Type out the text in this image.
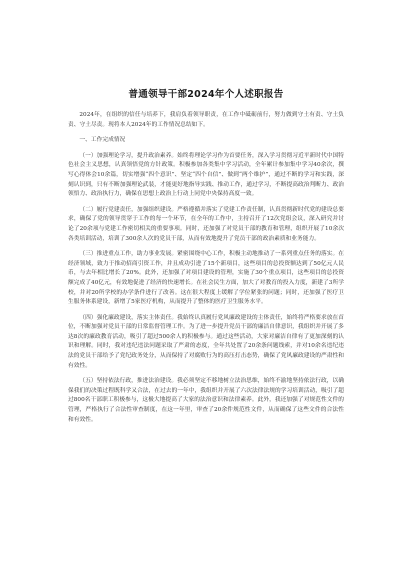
普通领导干部2024年个人述职报告

2024年，在组织的信任与培养下，我肩负着领导职责，在工作中砥砺前行，努力做到守土有责、守土负责、守土尽责。现将本人2024年的工作情况总结如下。

一、工作完成情况

（一）加强理论学习，提升政治素养。始终将理论学习作为首要任务，深入学习贯彻习近平新时代中国特色社会主义思想，认真领悟党的方针政策。积极参加各类集中学习活动，全年累计参加集中学习40余次，撰写心得体会10余篇，切实增强“四个意识”、坚定“四个自信”、做到“两个维护”，通过不断的学习和实践，深刻认识到，只有不断加强理论武装，才能更好地指导实践、推动工作，通过学习，不断提高政治判断力、政治领悟力、政治执行力，确保在思想上政治上行动上同党中央保持高度一致。

（二）履行党建责任，加强组织建设。严格遵循并落实了党建工作责任制，认真贯彻新时代党的建设总要求，确保了党的领导贯穿于工作的每一个环节，在全年的工作中，主持召开了12次党组会议，深入研究并讨论了20余项与党建工作密切相关的重要事项。同时，还加强了对党员干部的教育和管理，组织开展了10余次各类培训活动，培训了300余人次的党员干部，从而有效地提升了党员干部的政治素质和业务能力。

（三）推进重点工作，助力事业发展。紧密围绕中心工作，积极主动地推动了一系列重点任务的落实。在经济领域，致力于推动招商引资工作，并且成功引进了15个新项目，这些项目的总投资额达到了50亿元人民币，与去年相比增长了20%。此外，还加强了对项目建设的管理，实施了30个重点项目，这些项目的总投资额完成了40亿元，有效地促进了经济的快速增长。在社会民生方面，加大了对教育的投入力度，新建了3所学校，并对20所学校的办学条件进行了改善。这在很大程度上缓解了学位紧张的问题；同时，还加强了医疗卫生服务体系建设，新增了5家医疗机构，从而提升了整体的医疗卫生服务水平。

（四）强化廉政建设，落实主体责任。我始终认真履行党风廉政建设的主体责任，始终将严格要求放在首位，不断加强对党员干部的日常监督管理工作。为了进一步提升党员干部的廉洁自律意识，我组织并开展了多达8次的廉政教育活动，吸引了超过500余人的积极参与。通过这些活动，大家对廉洁自律有了更加深刻的认识和理解。同时，我对违纪违法问题采取了严肃的态度，全年共处置了20余条问题线索，并对10余名违纪违法的党员干部给予了党纪政务处分，从而保持了对腐败行为的高压打击态势，确保了党风廉政建设的严肃性和有效性。

（五）坚持依法行政，推进法治建设。我必须坚定不移地树立法治思维，始终不渝地坚持依法行政，以确保我们的决策过程既科学又合法，在过去的一年中，我组织并开展了六次法律法规的学习培训活动，吸引了超过800名干部职工积极参与，这极大地提高了大家的法治意识和法律素养。此外，我还加强了对规范性文件的管理，严格执行了合法性审查制度，在这一年里，审查了20余件规范性文件，从而确保了这些文件的合法性和有效性。
